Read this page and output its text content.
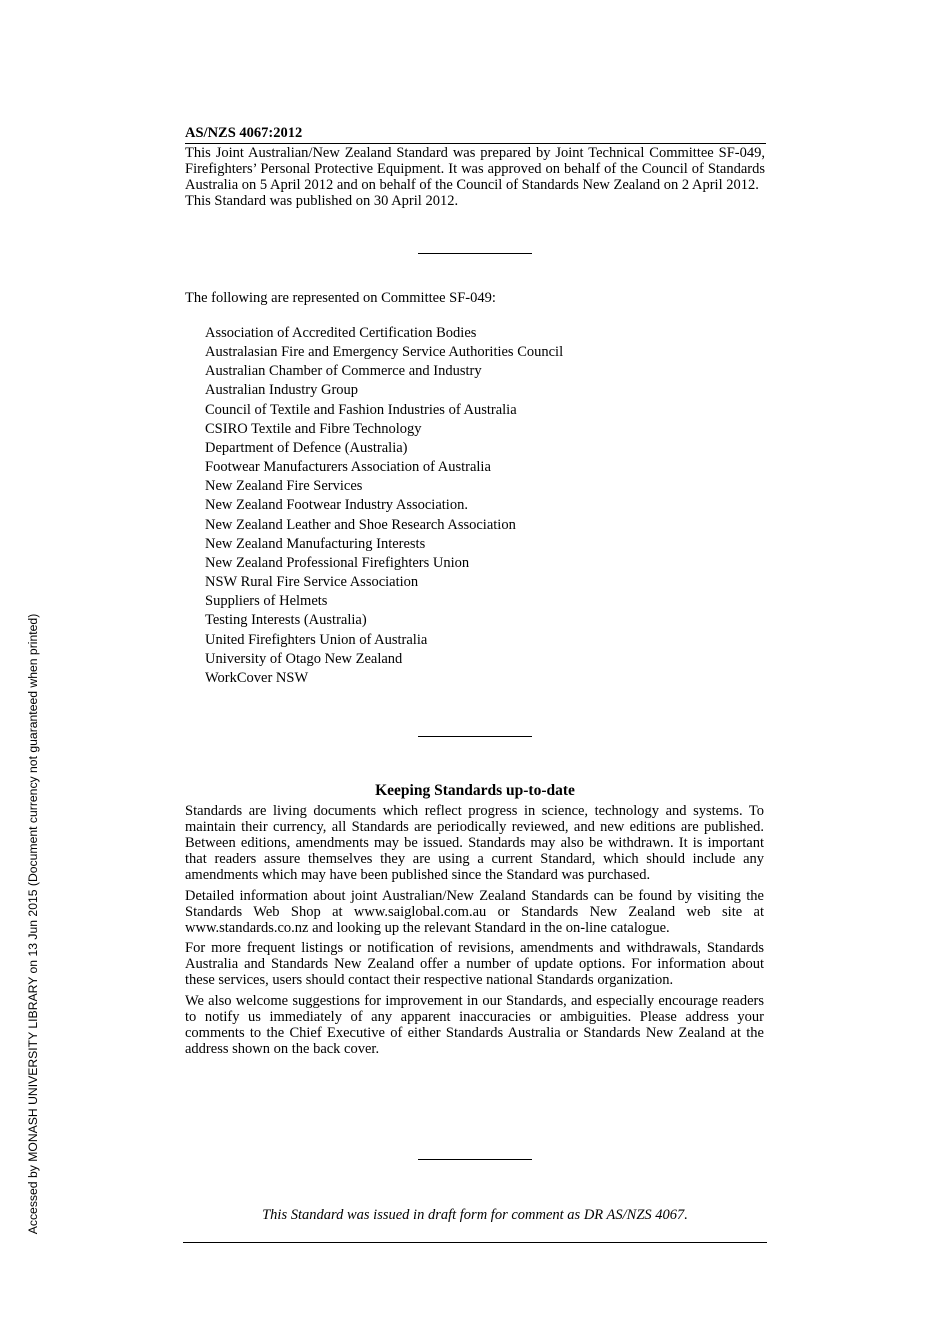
Accessed by MONASH UNIVERSITY LIBRARY on 13 Jun 2015 (Document currency not guaranteed when printed)
AS/NZS 4067:2012

This Joint Australian/New Zealand Standard was prepared by Joint Technical Committee SF-049, Firefighters’ Personal Protective Equipment. It was approved on behalf of the Council of Standards Australia on 5 April 2012 and on behalf of the Council of Standards New Zealand on 2 April 2012.

This Standard was published on 30 April 2012.

The following are represented on Committee SF-049:

Association of Accredited Certification Bodies
Australasian Fire and Emergency Service Authorities Council
Australian Chamber of Commerce and Industry
Australian Industry Group
Council of Textile and Fashion Industries of Australia
CSIRO Textile and Fibre Technology
Department of Defence (Australia)
Footwear Manufacturers Association of Australia
New Zealand Fire Services
New Zealand Footwear Industry Association.
New Zealand Leather and Shoe Research Association
New Zealand Manufacturing Interests
New Zealand Professional Firefighters Union
NSW Rural Fire Service Association
Suppliers of Helmets
Testing Interests (Australia)
United Firefighters Union of Australia
University of Otago New Zealand
WorkCover NSW
Keeping Standards up-to-date

Standards are living documents which reflect progress in science, technology and systems. To maintain their currency, all Standards are periodically reviewed, and new editions are published. Between editions, amendments may be issued. Standards may also be withdrawn. It is important that readers assure themselves they are using a current Standard, which should include any amendments which may have been published since the Standard was purchased.

Detailed information about joint Australian/New Zealand Standards can be found by visiting the Standards Web Shop at www.saiglobal.com.au or Standards New Zealand web site at www.standards.co.nz and looking up the relevant Standard in the on-line catalogue.

For more frequent listings or notification of revisions, amendments and withdrawals, Standards Australia and Standards New Zealand offer a number of update options. For information about these services, users should contact their respective national Standards organization.

We also welcome suggestions for improvement in our Standards, and especially encourage readers to notify us immediately of any apparent inaccuracies or ambiguities. Please address your comments to the Chief Executive of either Standards Australia or Standards New Zealand at the address shown on the back cover.

This Standard was issued in draft form for comment as DR AS/NZS 4067.
